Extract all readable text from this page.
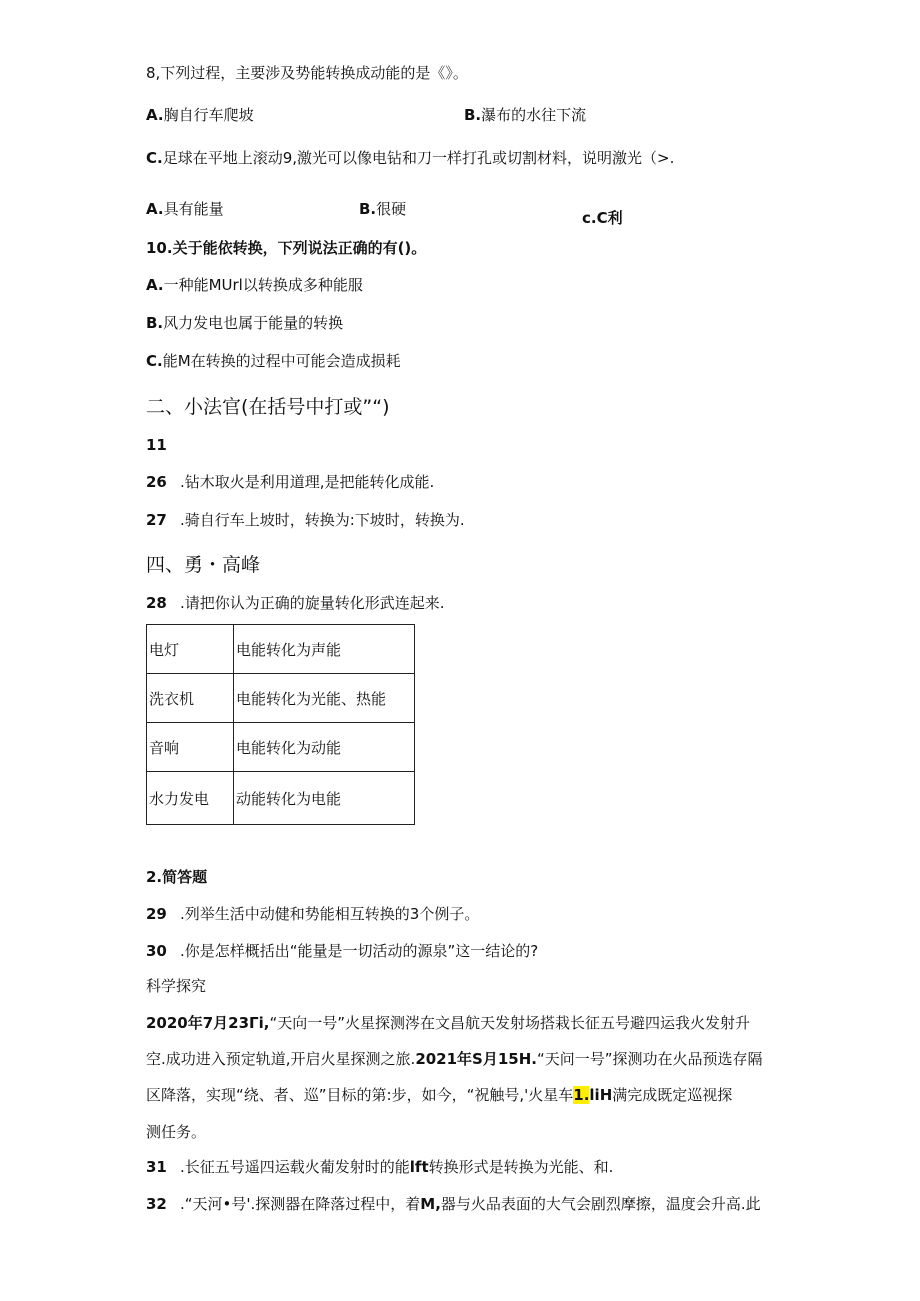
8,下列过程，主要涉及势能转换成动能的是《》。
A.胸自行车爬坡	B.瀑布的水往下流
C.足球在平地上滚动9,激光可以像电钻和刀一样打孔或切割材料，说明激光（>.
A.具有能量	B.很硬	c.C利
10.关于能依转换，下列说法正确的有()。
A.一种能MUrl以转换成多种能服
B.风力发电也属于能量的转换
C.能M在转换的过程中可能会造成损耗
二、小法官(在括号中打或”“)
11
26 .钻木取火是利用道理,是把能转化成能.
27 .骑自行车上坡时，转换为:下坡时，转换为.
四、勇・高峰
28 .请把你认为正确的旋量转化形武连起来.
电灯	电能转化为声能
洗衣机	电能转化为光能、热能
音响	电能转化为动能
水力发电	动能转化为电能
2.简答题
29 .列举生活中动健和势能相互转换的3个例子。
30 .你是怎样概括出“能量是一切活动的源泉”这一结论的?
科学探究
2020年7月23Γi,“天向一号”火星探测涔在文昌航天发射场搭栽长征五号避四运我火发射升
空.成功进入预定轨道,开启火星探测之旅.2021年S月15H.“天问一号”探测功在火品预选存隔
区降落，实现“绕、者、巡”目标的第:步，如今，“祝触号,'火星车1.liH满完成既定巡视探
测任务。
31 .长征五号遥四运载火葡发射时的能lft转换形式是转换为光能、和.
32 .“天河•号'.探测器在降落过程中，着M,器与火品表面的大气会剧烈摩擦，温度会升高.此
